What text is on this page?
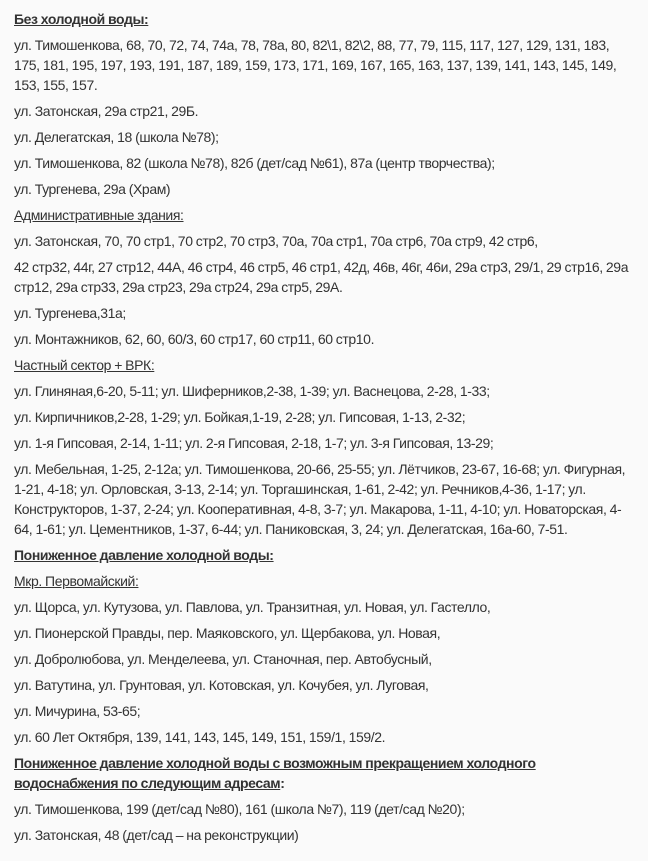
Без холодной воды:

ул. Тимошенкова, 68, 70, 72, 74, 74а, 78, 78а, 80, 82\1, 82\2, 88, 77, 79, 115, 117, 127, 129, 131, 183, 175, 181, 195, 197, 193, 191, 187, 189, 159, 173, 171, 169, 167, 165, 163, 137, 139, 141, 143, 145, 149, 153, 155, 157.

ул. Затонская, 29а стр21, 29Б.

ул. Делегатская, 18 (школа №78);

ул. Тимошенкова, 82 (школа №78), 82б (дет/сад №61), 87а (центр творчества);

ул. Тургенева, 29а (Храм)

Административные здания:

ул. Затонская, 70, 70 стр1, 70 стр2, 70 стр3, 70а, 70а стр1, 70а стр6, 70а стр9, 42 стр6,

42 стр32, 44г, 27 стр12, 44А, 46 стр4, 46 стр5, 46 стр1, 42д, 46в, 46г, 46и, 29а стр3, 29/1, 29 стр16, 29а стр12, 29а стр33, 29а стр23, 29а стр24, 29а стр5, 29А.

ул. Тургенева,31а;

ул. Монтажников, 62, 60, 60/3, 60 стр17, 60 стр11, 60 стр10.

Частный сектор + ВРК:

ул. Глиняная,6-20, 5-11; ул. Шиферников,2-38, 1-39; ул. Васнецова, 2-28, 1-33;

ул. Кирпичников,2-28, 1-29; ул. Бойкая,1-19, 2-28; ул. Гипсовая, 1-13, 2-32;

ул. 1-я Гипсовая, 2-14, 1-11; ул. 2-я Гипсовая, 2-18, 1-7; ул. 3-я Гипсовая, 13-29;

ул. Мебельная, 1-25, 2-12а; ул. Тимошенкова, 20-66, 25-55; ул. Лётчиков, 23-67, 16-68; ул. Фигурная, 1-21, 4-18; ул. Орловская, 3-13, 2-14; ул. Торгашинская, 1-61, 2-42; ул. Речников,4-36, 1-17; ул. Конструкторов, 1-37, 2-24; ул. Кооперативная, 4-8, 3-7; ул. Макарова, 1-11, 4-10; ул. Новаторская, 4-64, 1-61; ул. Цементников, 1-37, 6-44; ул. Паниковская, 3, 24; ул. Делегатская, 16а-60, 7-51.

Пониженное давление холодной воды:

Мкр. Первомайский:

ул. Щорса, ул. Кутузова, ул. Павлова, ул. Транзитная, ул. Новая, ул. Гастелло,

ул. Пионерской Правды, пер. Маяковского, ул. Щербакова, ул. Новая,

ул. Добролюбова, ул. Менделеева, ул. Станочная, пер. Автобусный,

ул. Ватутина, ул. Грунтовая, ул. Котовская, ул. Кочубея, ул. Луговая,

ул. Мичурина, 53-65;

ул. 60 Лет Октября, 139, 141, 143, 145, 149, 151, 159/1, 159/2.

Пониженное давление холодной воды с возможным прекращением холодного водоснабжения по следующим адресам:

ул. Тимошенкова, 199 (дет/сад №80), 161 (школа №7), 119 (дет/сад №20);

ул. Затонская, 48 (дет/сад – на реконструкции)
